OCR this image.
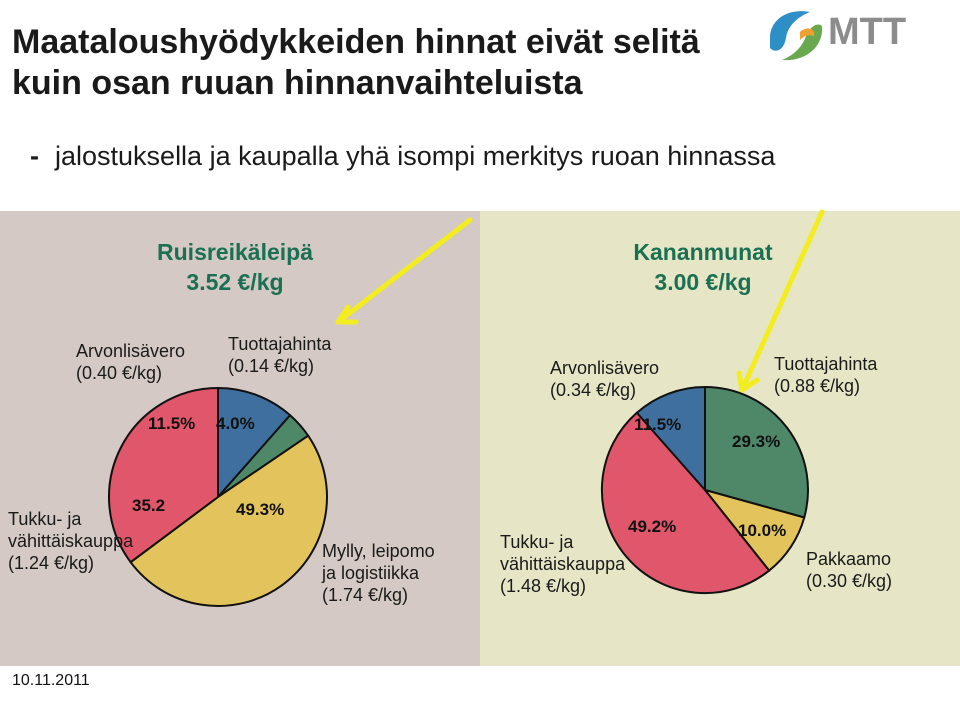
Maataloushyödykkeiden hinnat eivät selitä kuin osan ruuan hinnanvaihteluista
- jalostuksella ja kaupalla yhä isompi merkitys ruoan hinnassa
MTT
Ruisreikäleipä
3.52 €/kg
Kananmunat
3.00 €/kg
Arvonlisävero
(0.40 €/kg)
Tuottajahinta
(0.14 €/kg)
Mylly, leipomo
ja logistiikka
(1.74 €/kg)
Tukku- ja
vähittäiskauppa
(1.24 €/kg)
11.5% 4.0%
49.3%
35.2
Arvonlisävero
(0.34 €/kg)
Tuottajahinta
(0.88 €/kg)
Pakkaamo
(0.30 €/kg)
Tukku- ja
vähittäiskauppa
(1.48 €/kg)
11.5%
29.3%
10.0%
49.2%
10.11.2011
